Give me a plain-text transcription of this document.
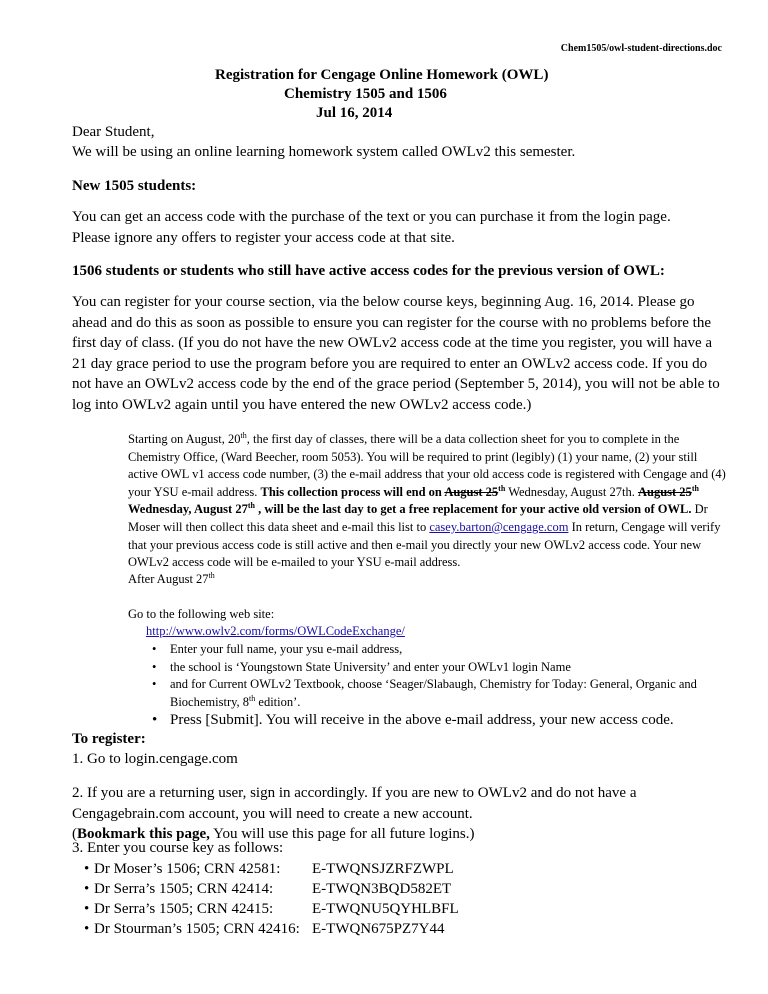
Chem1505/owl-student-directions.doc
Registration for Cengage Online Homework (OWL)
Chemistry 1505 and 1506
Jul 16, 2014
Dear Student,
We will be using an online learning homework system called OWLv2 this semester.
New 1505 students:
You can get an access code with the purchase of the text or you can purchase it from the login page. Please ignore any offers to register your access code at that site.
1506 students or students who still have active access codes for the previous version of OWL:
You can register for your course section, via the below course keys, beginning Aug. 16, 2014. Please go ahead and do this as soon as possible to ensure you can register for the course with no problems before the first day of class. (If you do not have the new OWLv2 access code at the time you register, you will have a 21 day grace period to use the program before you are required to enter an OWLv2 access code. If you do not have an OWLv2 access code by the end of the grace period (September 5, 2014), you will not be able to log into OWLv2 again until you have entered the new OWLv2 access code.)
Starting on August, 20th, the first day of classes, there will be a data collection sheet for you to complete in the Chemistry Office, (Ward Beecher, room 5053). You will be required to print (legibly) (1) your name, (2) your still active OWL v1 access code number, (3) the e-mail address that your old access code is registered with Cengage and (4) your YSU e-mail address. This collection process will end on August 25th Wednesday, August 27th. August 25th Wednesday, August 27th , will be the last day to get a free replacement for your active old version of OWL. Dr Moser will then collect this data sheet and e-mail this list to casey.barton@cengage.com In return, Cengage will verify that your previous access code is still active and then e-mail you directly your new OWLv2 access code. Your new OWLv2 access code will be e-mailed to your YSU e-mail address.
After August 27th
Go to the following web site:
http://www.owlv2.com/forms/OWLCodeExchange/
• Enter your full name, your ysu e-mail address,
• the school is ‘Youngstown State University’ and enter your OWLv1 login Name
• and for Current OWLv2 Textbook, choose ‘Seager/Slabaugh, Chemistry for Today: General, Organic and Biochemistry, 8th edition’.
• Press [Submit]. You will receive in the above e-mail address, your new access code.
To register:
1. Go to login.cengage.com
2. If you are a returning user, sign in accordingly. If you are new to OWLv2 and do not have a Cengagebrain.com account, you will need to create a new account.
(Bookmark this page, You will use this page for all future logins.)
3. Enter you course key as follows:
• Dr Moser’s 1506; CRN 42581:	E-TWQNSJZRFZWPL
• Dr Serra’s 1505; CRN 42414:	E-TWQN3BQD582ET
• Dr Serra’s 1505; CRN 42415:	E-TWQNU5QYHLBFL
• Dr Stourman’s 1505; CRN 42416:	E-TWQN675PZ7Y44
